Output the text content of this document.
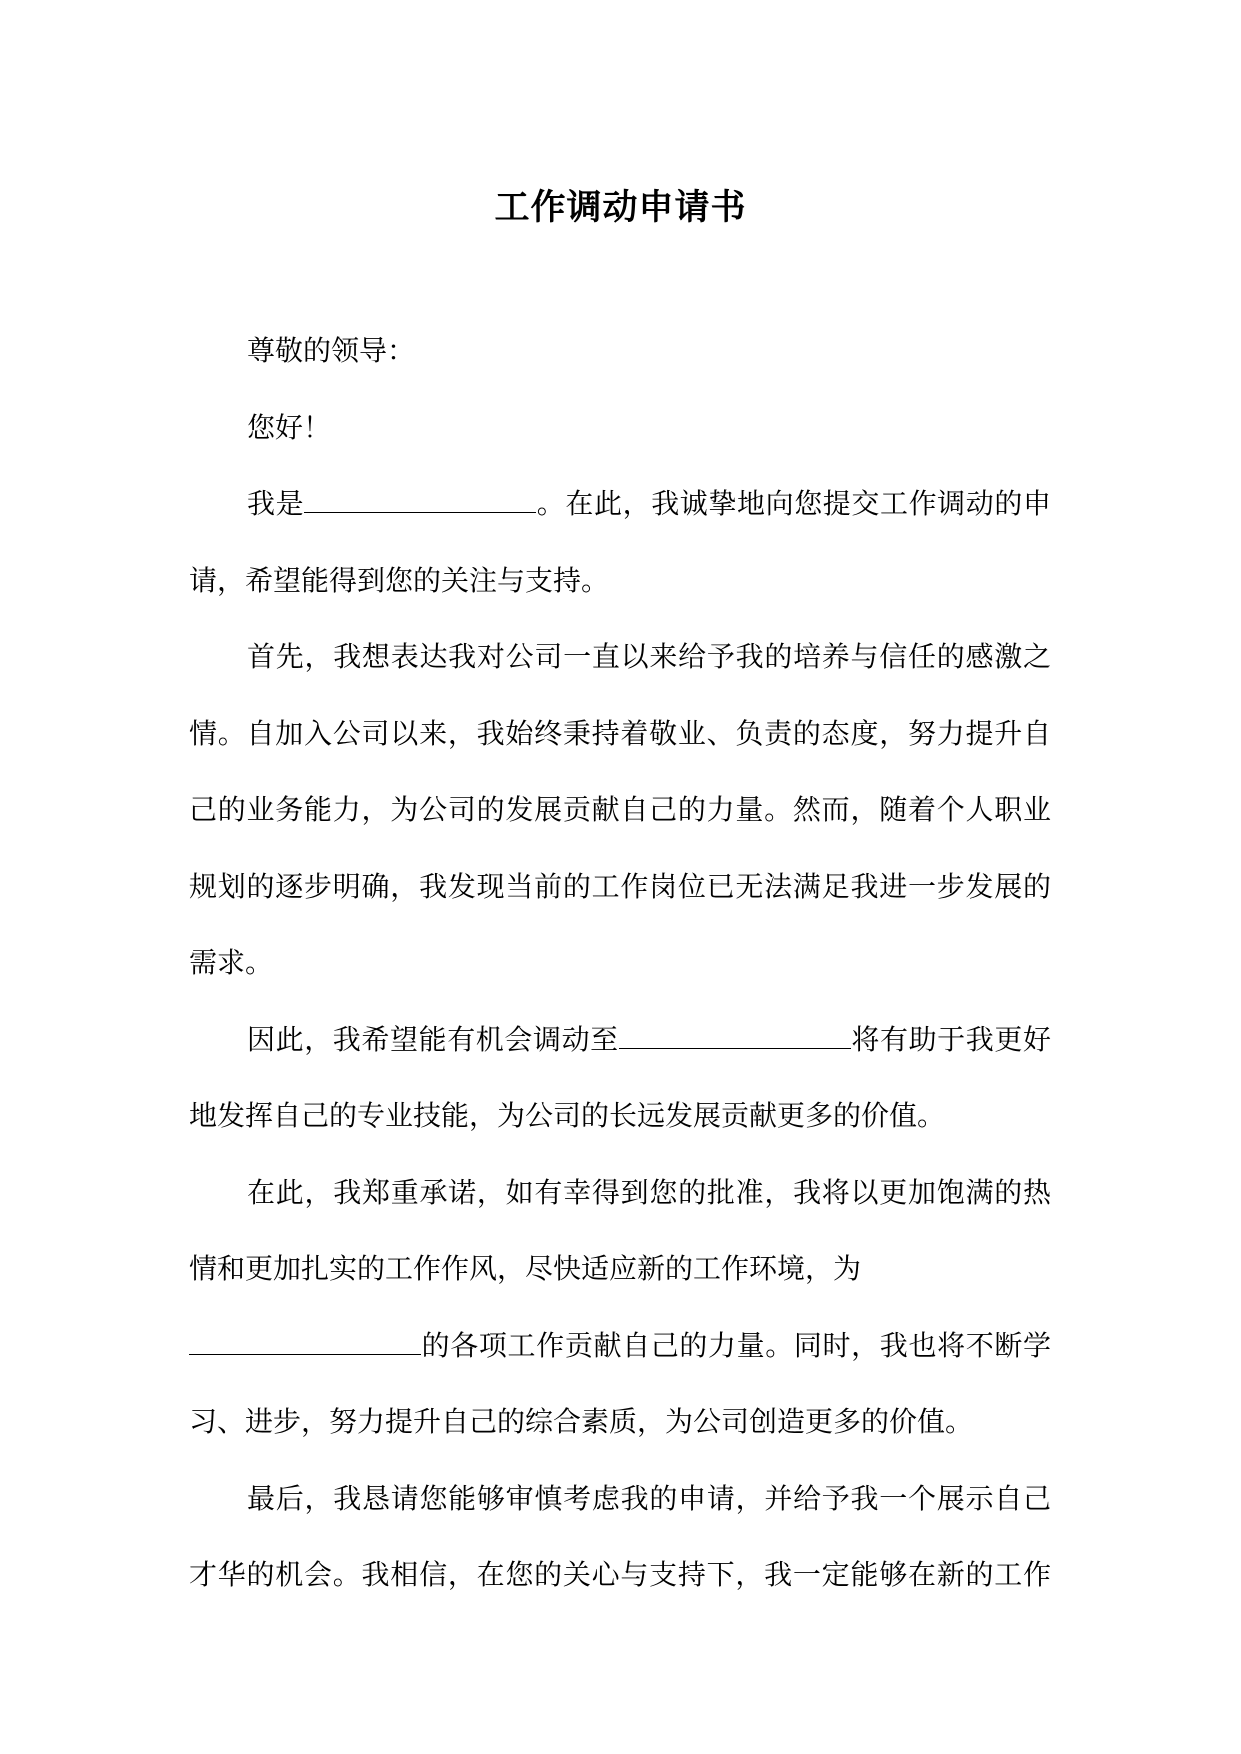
工作调动申请书
尊敬的领导：
您好！
我是	。在此，我诚挚地向您提交工作调动的申
请，希望能得到您的关注与支持。
首先，我想表达我对公司一直以来给予我的培养与信任的感激之
情。自加入公司以来，我始终秉持着敬业、负责的态度，努力提升自
己的业务能力，为公司的发展贡献自己的力量。然而，随着个人职业
规划的逐步明确，我发现当前的工作岗位已无法满足我进一步发展的
需求。
因此，我希望能有机会调动至	将有助于我更好
地发挥自己的专业技能，为公司的长远发展贡献更多的价值。
在此，我郑重承诺，如有幸得到您的批准，我将以更加饱满的热
情和更加扎实的工作作风，尽快适应新的工作环境，为
的各项工作贡献自己的力量。同时，我也将不断学
习、进步，努力提升自己的综合素质，为公司创造更多的价值。
最后，我恳请您能够审慎考虑我的申请，并给予我一个展示自己
才华的机会。我相信，在您的关心与支持下，我一定能够在新的工作
